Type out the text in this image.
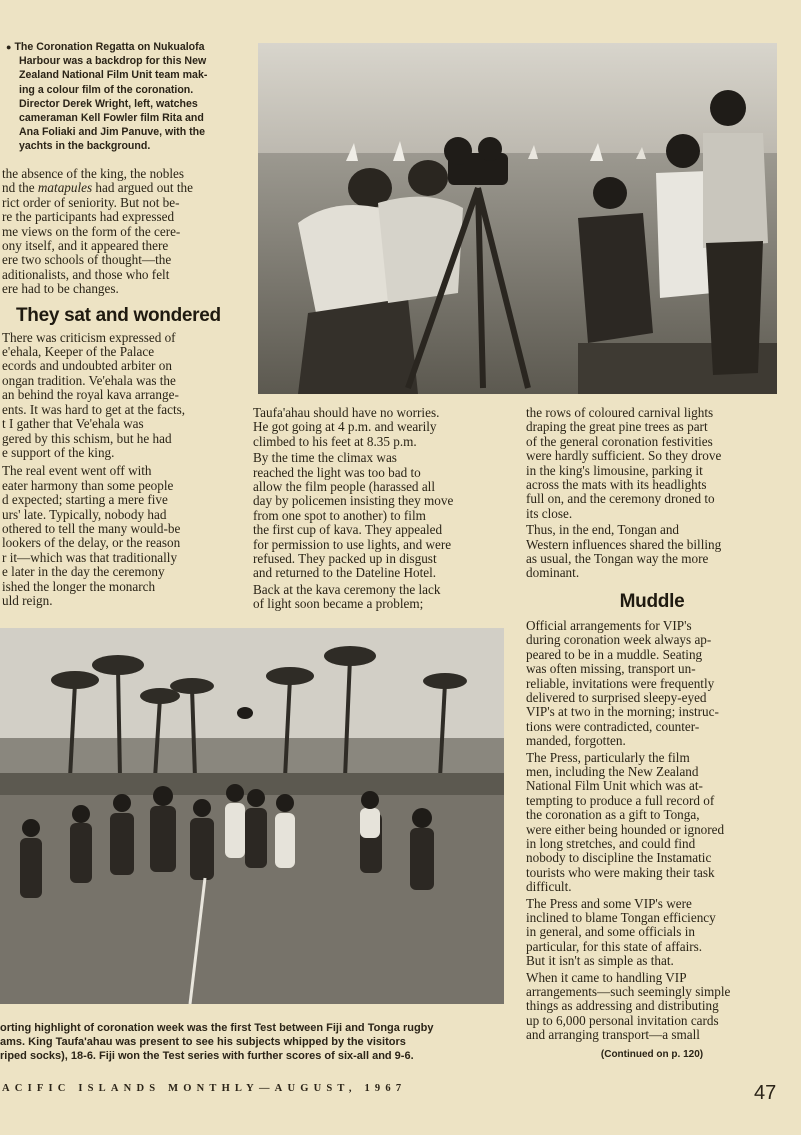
● The Coronation Regatta on Nukualofa
Harbour was a backdrop for this New
Zealand National Film Unit team mak-
ing a colour film of the coronation.
Director Derek Wright, left, watches
cameraman Kell Fowler film Rita and
Ana Foliaki and Jim Panuve, with the
yachts in the background.
the absence of the king, the nobles
nd the matapules had argued out the
rict order of seniority. But not be-
re the participants had expressed
me views on the form of the cere-
ony itself, and it appeared there
ere two schools of thought—the
aditionalists, and those who felt
ere had to be changes.
They sat and wondered
There was criticism expressed of
e'ehala, Keeper of the Palace
ecords and undoubted arbiter on
ongan tradition. Ve'ehala was the
an behind the royal kava arrange-
ents. It was hard to get at the facts,
t I gather that Ve'ehala was
gered by this schism, but he had
e support of the king.
The real event went off with
eater harmony than some people
d expected; starting a mere five
urs' late. Typically, nobody had
othered to tell the many would-be
lookers of the delay, or the reason
r it—which was that traditionally
e later in the day the ceremony
ished the longer the monarch
uld reign.
Taufa'ahau should have no worries.
He got going at 4 p.m. and wearily
climbed to his feet at 8.35 p.m.
By the time the climax was
reached the light was too bad to
allow the film people (harassed all
day by policemen insisting they move
from one spot to another) to film
the first cup of kava. They appealed
for permission to use lights, and were
refused. They packed up in disgust
and returned to the Dateline Hotel.
Back at the kava ceremony the lack
of light soon became a problem;
the rows of coloured carnival lights
draping the great pine trees as part
of the general coronation festivities
were hardly sufficient. So they drove
in the king's limousine, parking it
across the mats with its headlights
full on, and the ceremony droned to
its close.
Thus, in the end, Tongan and
Western influences shared the billing
as usual, the Tongan way the more
dominant.
Muddle
Official arrangements for VIP's
during coronation week always ap-
peared to be in a muddle. Seating
was often missing, transport un-
reliable, invitations were frequently
delivered to surprised sleepy-eyed
VIP's at two in the morning; instruc-
tions were contradicted, counter-
manded, forgotten.
The Press, particularly the film
men, including the New Zealand
National Film Unit which was at-
tempting to produce a full record of
the coronation as a gift to Tonga,
were either being hounded or ignored
in long stretches, and could find
nobody to discipline the Instamatic
tourists who were making their task
difficult.
The Press and some VIP's were
inclined to blame Tongan efficiency
in general, and some officials in
particular, for this state of affairs.
But it isn't as simple as that.
When it came to handling VIP
arrangements—such seemingly simple
things as addressing and distributing
up to 6,000 personal invitation cards
and arranging transport—a small
(Continued on p. 120)
orting highlight of coronation week was the first Test between Fiji and Tonga rugby
ams. King Taufa'ahau was present to see his subjects whipped by the visitors
riped socks), 18-6. Fiji won the Test series with further scores of six-all and 9-6.
ACIFIC ISLANDS MONTHLY—AUGUST, 1967	47
